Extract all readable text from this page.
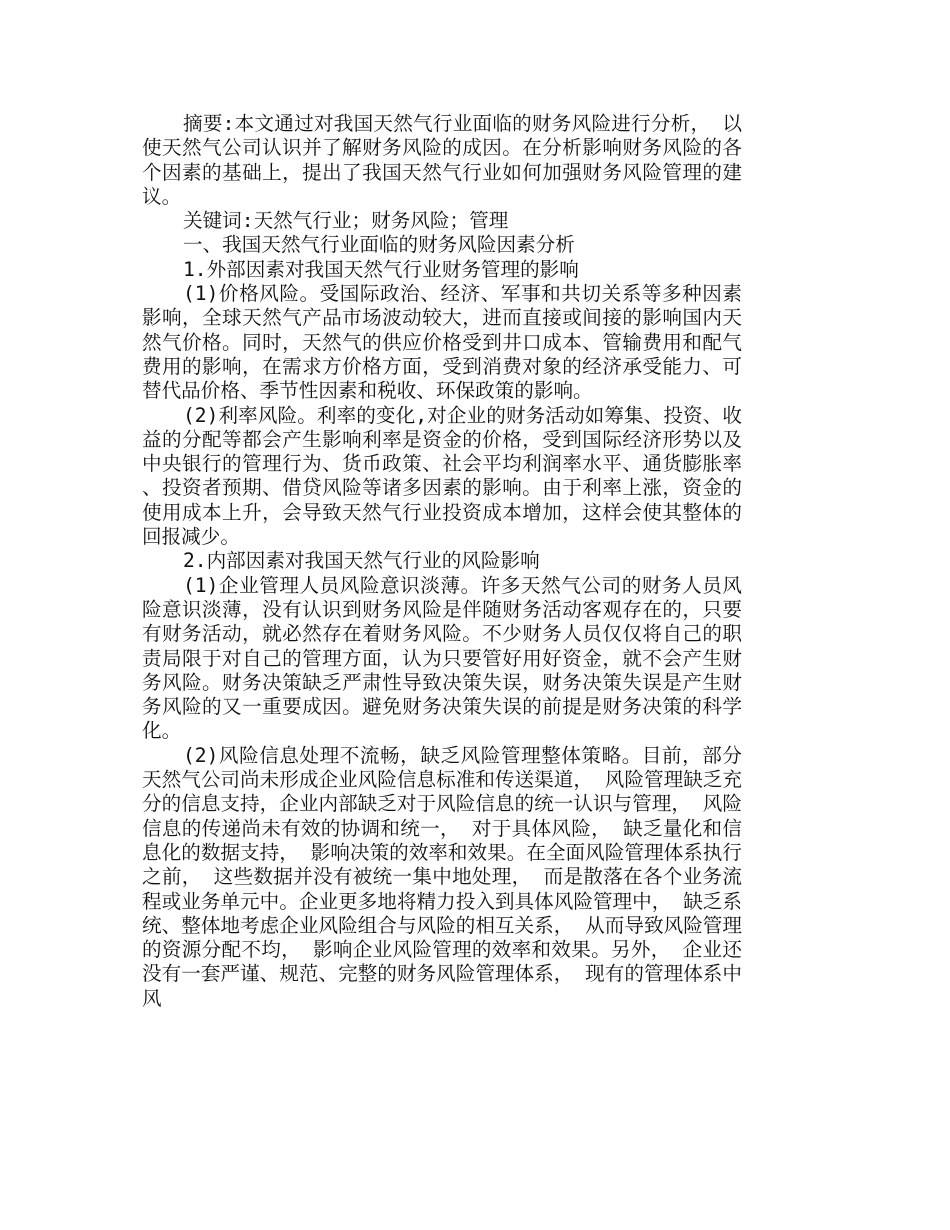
摘要:本文通过对我国天然气行业面临的财务风险进行分析， 以使天然气公司认识并了解财务风险的成因。在分析影响财务风险的各个因素的基础上，提出了我国天然气行业如何加强财务风险管理的建议。

关键词:天然气行业；财务风险；管理

一、我国天然气行业面临的财务风险因素分析

1.外部因素对我国天然气行业财务管理的影响

(1)价格风险。受国际政治、经济、军事和共切关系等多种因素影响，全球天然气产品市场波动较大，进而直接或间接的影响国内天然气价格。同时，天然气的供应价格受到井口成本、管输费用和配气费用的影响，在需求方价格方面，受到消费对象的经济承受能力、可替代品价格、季节性因素和税收、环保政策的影响。

(2)利率风险。利率的变化,对企业的财务活动如筹集、投资、收益的分配等都会产生影响利率是资金的价格，受到国际经济形势以及中央银行的管理行为、货币政策、社会平均利润率水平、通货膨胀率、投资者预期、借贷风险等诸多因素的影响。由于利率上涨，资金的使用成本上升，会导致天然气行业投资成本增加，这样会使其整体的回报减少。

2.内部因素对我国天然气行业的风险影响

(1)企业管理人员风险意识淡薄。许多天然气公司的财务人员风险意识淡薄，没有认识到财务风险是伴随财务活动客观存在的，只要有财务活动，就必然存在着财务风险。不少财务人员仅仅将自己的职责局限于对自己的管理方面，认为只要管好用好资金，就不会产生财务风险。财务决策缺乏严肃性导致决策失误，财务决策失误是产生财务风险的又一重要成因。避免财务决策失误的前提是财务决策的科学化。

(2)风险信息处理不流畅，缺乏风险管理整体策略。目前，部分天然气公司尚未形成企业风险信息标准和传送渠道， 风险管理缺乏充分的信息支持，企业内部缺乏对于风险信息的统一认识与管理， 风险信息的传递尚未有效的协调和统一， 对于具体风险， 缺乏量化和信息化的数据支持， 影响决策的效率和效果。在全面风险管理体系执行之前， 这些数据并没有被统一集中地处理， 而是散落在各个业务流程或业务单元中。企业更多地将精力投入到具体风险管理中， 缺乏系统、整体地考虑企业风险组合与风险的相互关系， 从而导致风险管理的资源分配不均， 影响企业风险管理的效率和效果。另外， 企业还没有一套严谨、规范、完整的财务风险管理体系， 现有的管理体系中风
